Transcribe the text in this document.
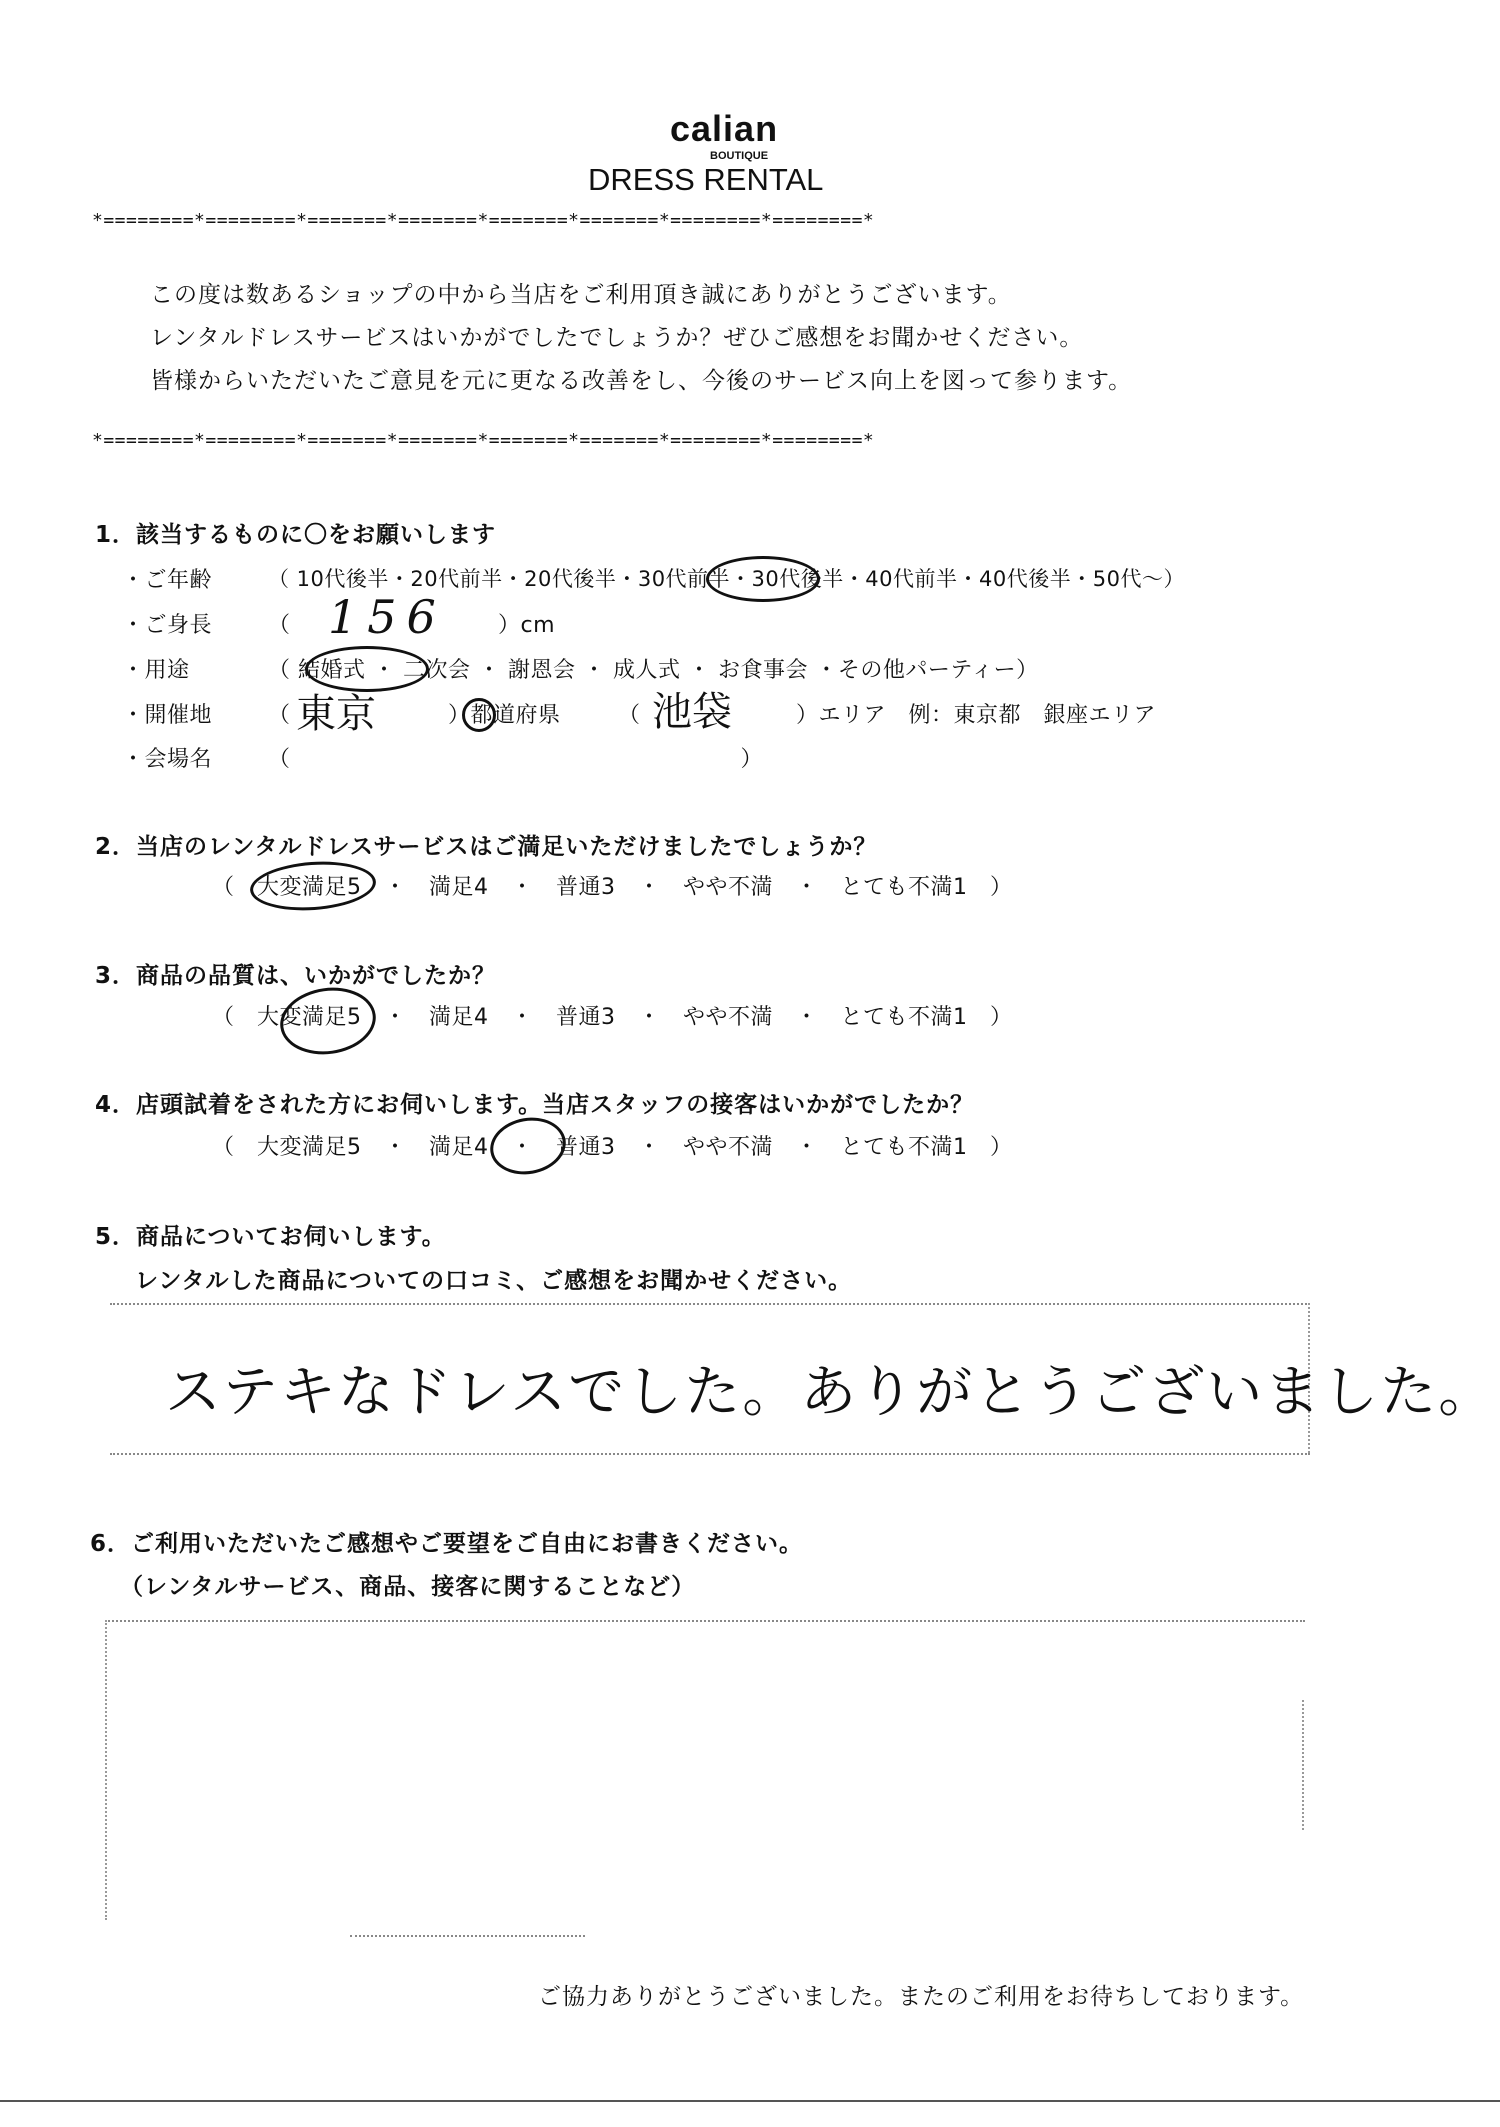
calian
BOUTIQUE
DRESS RENTAL
*========*========*=======*=======*=======*=======*========*========*
この度は数あるショップの中から当店をご利用頂き誠にありがとうございます。
レンタルドレスサービスはいかがでしたでしょうか？ぜひご感想をお聞かせください。
皆様からいただいたご意見を元に更なる改善をし、今後のサービス向上を図って参ります。
*========*========*=======*=======*=======*=======*========*========*
1．該当するものに〇をお願いします
・ご年齢	（ 10代後半・20代前半・20代後半・30代前半・30代後半・40代前半・40代後半・50代～）
・ご身長	（ 156 ）cm
・用途	（ 結婚式 ・ 二次会 ・ 謝恩会 ・ 成人式 ・ お食事会 ・その他パーティー）
・開催地	（ 東京	）都道府県	（ 池袋	）エリア　例：東京都　銀座エリア
・会場名	（　　　　　　　　　　　　　　　　　　　　）
2．当店のレンタルドレスサービスはご満足いただけましたでしょうか？
（　大変満足5　・　満足4　・　普通3　・　やや不満　・　とても不満1　）
3．商品の品質は、いかがでしたか？
（　大変満足5　・　満足4　・　普通3　・　やや不満　・　とても不満1　）
4．店頭試着をされた方にお伺いします。当店スタッフの接客はいかがでしたか？
（　大変満足5　・　満足4　・　普通3　・　やや不満　・　とても不満1　）
5．商品についてお伺いします。
レンタルした商品についての口コミ、ご感想をお聞かせください。
ステキなドレスでした。ありがとうございました。
6．ご利用いただいたご感想やご要望をご自由にお書きください。
（レンタルサービス、商品、接客に関することなど）
ご協力ありがとうございました。またのご利用をお待ちしております。
